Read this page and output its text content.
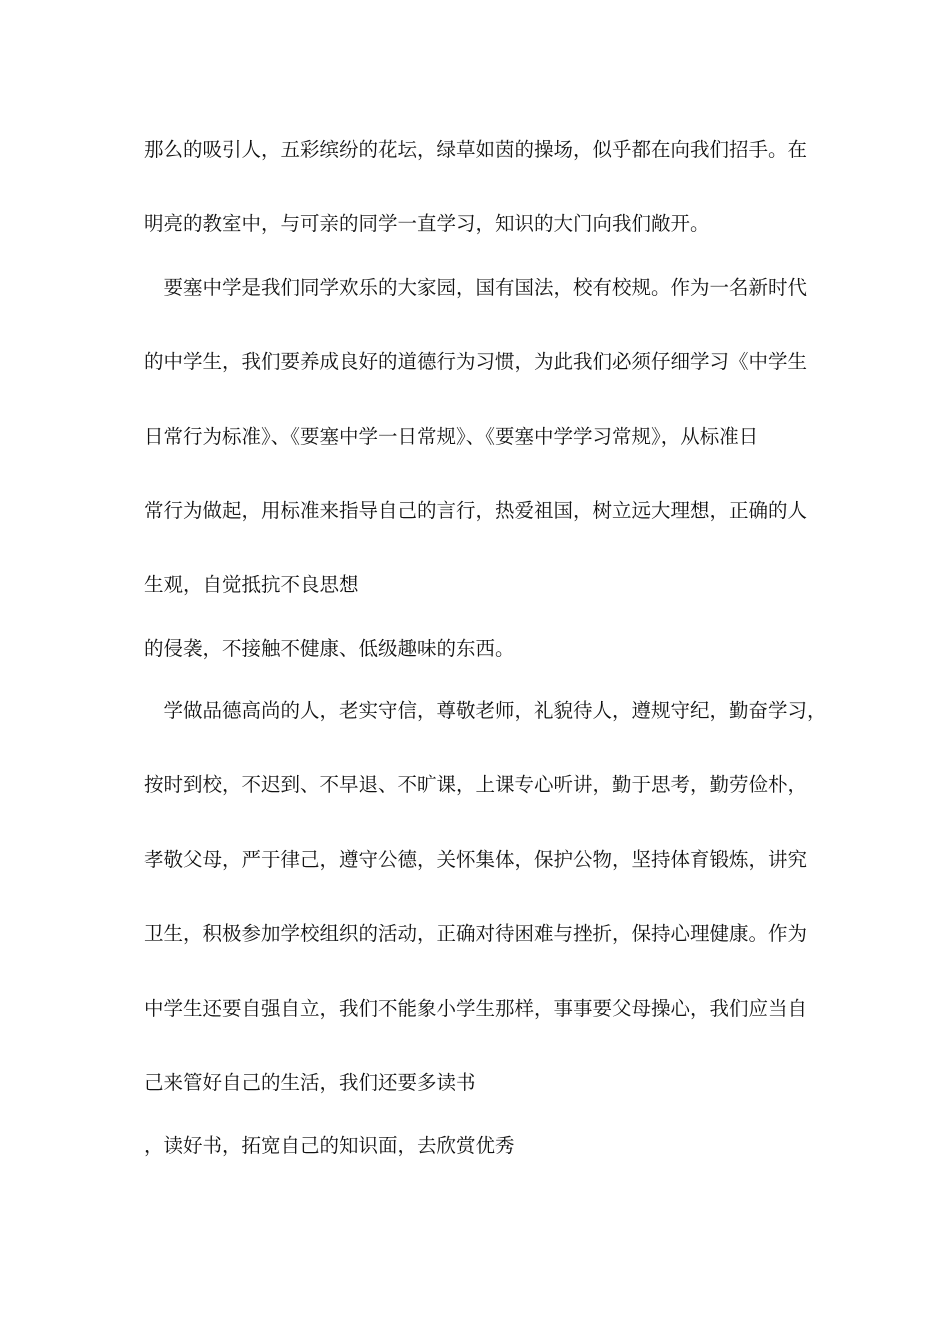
那么的吸引人，五彩缤纷的花坛，绿草如茵的操场，似乎都在向我们招手。在
明亮的教室中，与可亲的同学一直学习，知识的大门向我们敞开。
　要塞中学是我们同学欢乐的大家园，国有国法，校有校规。作为一名新时代
的中学生，我们要养成良好的道德行为习惯，为此我们必须仔细学习《中学生
日常行为标准》、《要塞中学一日常规》、《要塞中学学习常规》，从标准日
常行为做起，用标准来指导自己的言行，热爱祖国，树立远大理想，正确的人
生观，自觉抵抗不良思想
的侵袭，不接触不健康、低级趣味的东西。
　学做品德高尚的人，老实守信，尊敬老师，礼貌待人，遵规守纪，勤奋学习，
按时到校，不迟到、不早退、不旷课，上课专心听讲，勤于思考，勤劳俭朴，
孝敬父母，严于律己，遵守公德，关怀集体，保护公物，坚持体育锻炼，讲究
卫生，积极参加学校组织的活动，正确对待困难与挫折，保持心理健康。作为
中学生还要自强自立，我们不能象小学生那样，事事要父母操心，我们应当自
己来管好自己的生活，我们还要多读书
，读好书，拓宽自己的知识面，去欣赏优秀
